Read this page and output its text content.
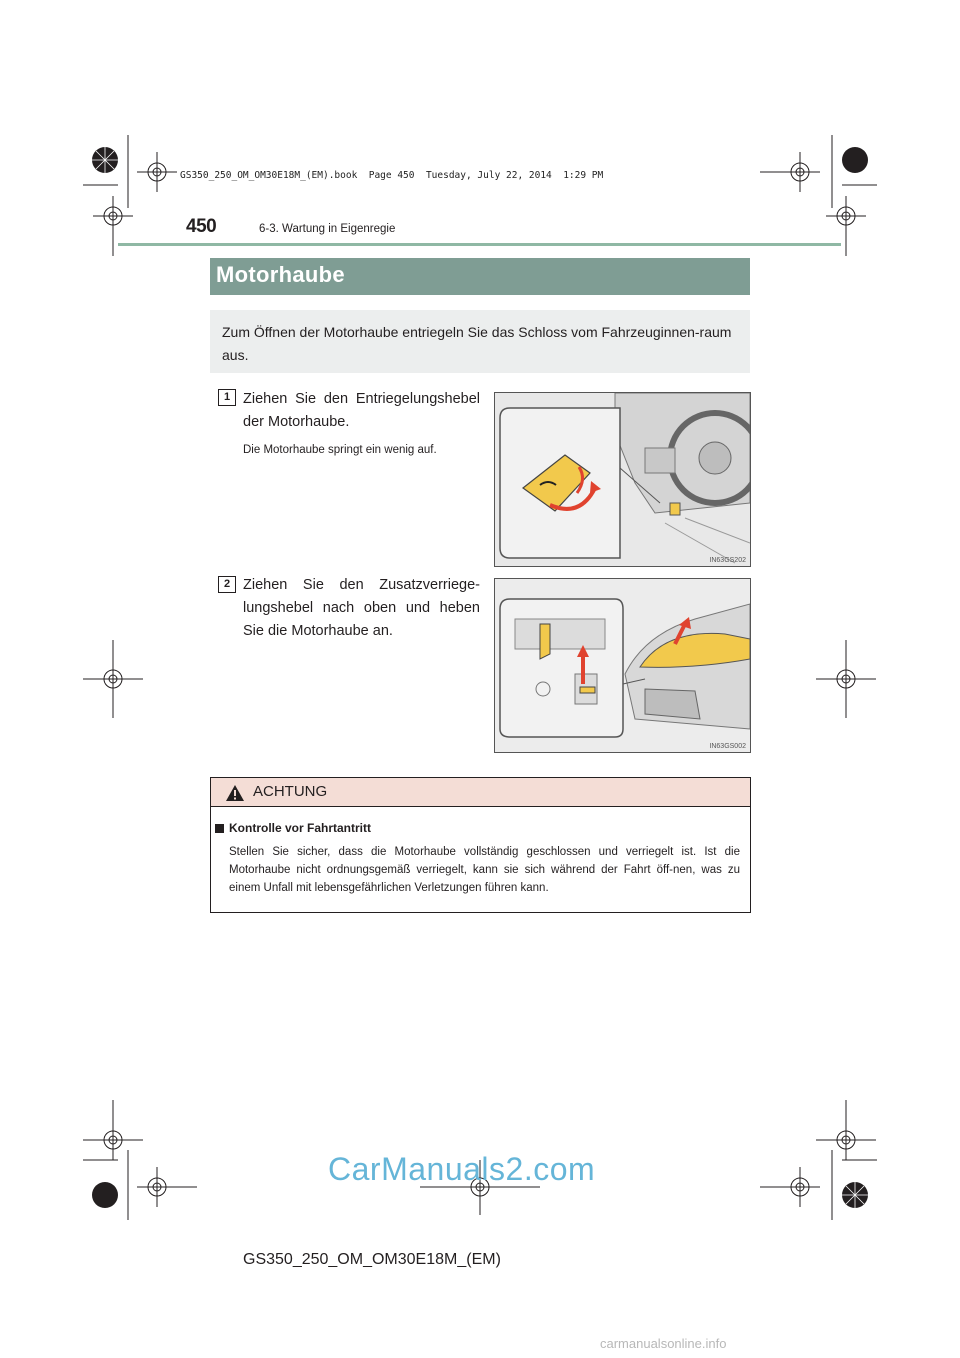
GS350_250_OM_OM30E18M_(EM).book  Page 450  Tuesday, July 22, 2014  1:29 PM
450	6-3. Wartung in Eigenregie
Motorhaube
Zum Öffnen der Motorhaube entriegeln Sie das Schloss vom Fahrzeuginnen-raum aus.
1 Ziehen Sie den Entriegelungshebel der Motorhaube.
Die Motorhaube springt ein wenig auf.
IN63GS202
2 Ziehen Sie den Zusatzverriege-lungshebel nach oben und heben Sie die Motorhaube an.
IN63GS002
ACHTUNG
Kontrolle vor Fahrtantritt
Stellen Sie sicher, dass die Motorhaube vollständig geschlossen und verriegelt ist. Ist die Motorhaube nicht ordnungsgemäß verriegelt, kann sie sich während der Fahrt öff-nen, was zu einem Unfall mit lebensgefährlichen Verletzungen führen kann.
CarManuals2.com
GS350_250_OM_OM30E18M_(EM)
carmanualsonline.info
